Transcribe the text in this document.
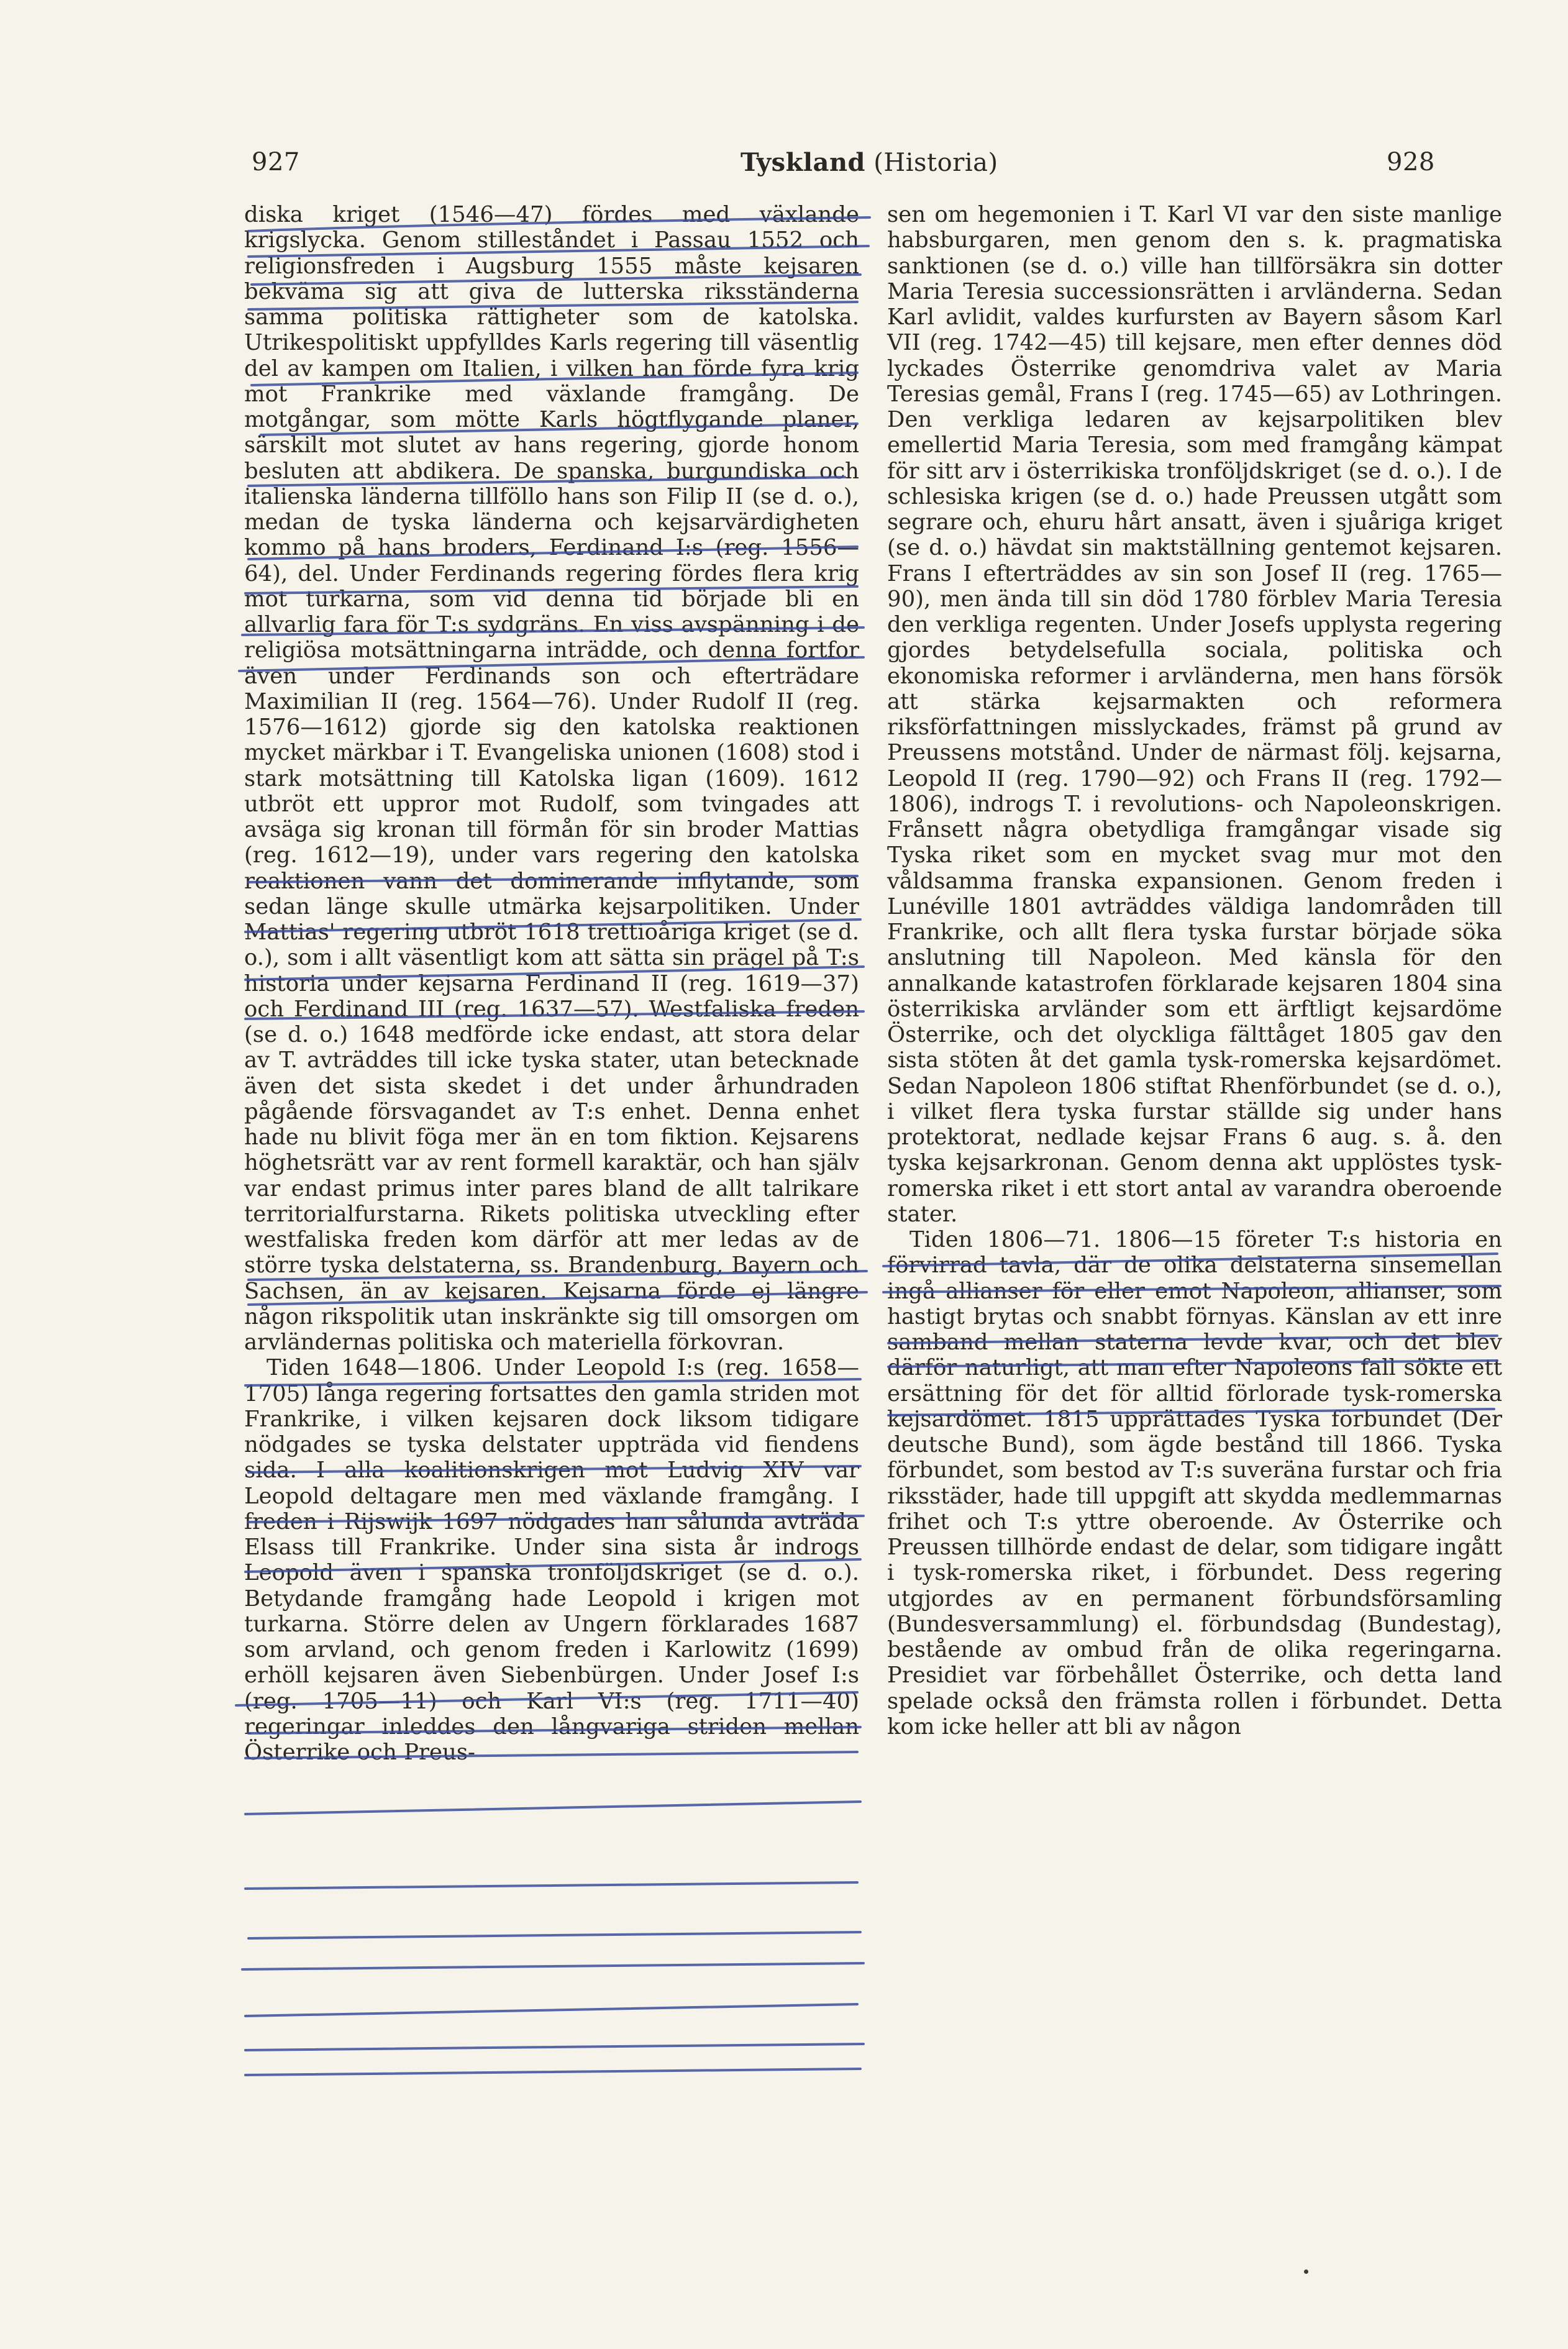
927	Tyskland (Historia)	928

diska kriget (1546—47) fördes med växlande krigslycka. Genom stilleståndet i Passau 1552 och religionsfreden i Augsburg 1555 måste kejsaren bekväma sig att giva de lutterska riksständerna samma politiska rättigheter som de katolska. Utrikespolitiskt uppfylldes Karls regering till väsentlig del av kampen om Italien, i vilken han förde fyra krig mot Frankrike med växlande framgång. De motgångar, som mötte Karls högtflygande planer, särskilt mot slutet av hans regering, gjorde honom besluten att abdikera. De spanska, burgundiska och italienska länderna tillföllo hans son Filip II (se d. o.), medan de tyska länderna och kejsarvärdigheten kommo på hans broders, Ferdinand I:s (reg. 1556—64), del. Under Ferdinands regering fördes flera krig mot turkarna, som vid denna tid började bli en allvarlig fara för T:s sydgräns. En viss avspänning i de religiösa motsättningarna inträdde, och denna fortfor även under Ferdinands son och efterträdare Maximilian II (reg. 1564—76). Under Rudolf II (reg. 1576—1612) gjorde sig den katolska reaktionen mycket märkbar i T. Evangeliska unionen (1608) stod i stark motsättning till Katolska ligan (1609). 1612 utbröt ett uppror mot Rudolf, som tvingades att avsäga sig kronan till förmån för sin broder Mattias (reg. 1612—19), under vars regering den katolska reaktionen vann det dominerande inflytande, som sedan länge skulle utmärka kejsarpolitiken. Under Mattias' regering utbröt 1618 trettioåriga kriget (se d. o.), som i allt väsentligt kom att sätta sin prägel på T:s historia under kejsarna Ferdinand II (reg. 1619—37) och Ferdinand III (reg. 1637—57). Westfaliska freden (se d. o.) 1648 medförde icke endast, att stora delar av T. avträddes till icke tyska stater, utan betecknade även det sista skedet i det under århundraden pågående försvagandet av T:s enhet. Denna enhet hade nu blivit föga mer än en tom fiktion. Kejsarens höghetsrätt var av rent formell karaktär, och han själv var endast primus inter pares bland de allt talrikare territorialfurstarna. Rikets politiska utveckling efter westfaliska freden kom därför att mer ledas av de större tyska delstaterna, ss. Brandenburg, Bayern och Sachsen, än av kejsaren. Kejsarna förde ej längre någon rikspolitik utan inskränkte sig till omsorgen om arvländernas politiska och materiella förkovran.

Tiden 1648—1806. Under Leopold I:s (reg. 1658—1705) långa regering fortsattes den gamla striden mot Frankrike, i vilken kejsaren dock liksom tidigare nödgades se tyska delstater uppträda vid fiendens sida. I alla koalitionskrigen mot Ludvig XIV var Leopold deltagare men med växlande framgång. I freden i Rijswijk 1697 nödgades han sålunda avträda Elsass till Frankrike. Under sina sista år indrogs Leopold även i spanska tronföljdskriget (se d. o.). Betydande framgång hade Leopold i krigen mot turkarna. Större delen av Ungern förklarades 1687 som arvland, och genom freden i Karlowitz (1699) erhöll kejsaren även Siebenbürgen. Under Josef I:s (reg. 1705—11) och Karl VI:s (reg. 1711—40) regeringar inleddes den långvariga striden mellan Österrike och Preus-

sen om hegemonien i T. Karl VI var den siste manlige habsburgaren, men genom den s. k. pragmatiska sanktionen (se d. o.) ville han tillförsäkra sin dotter Maria Teresia successionsrätten i arvländerna. Sedan Karl avlidit, valdes kurfursten av Bayern såsom Karl VII (reg. 1742—45) till kejsare, men efter dennes död lyckades Österrike genomdriva valet av Maria Teresias gemål, Frans I (reg. 1745—65) av Lothringen. Den verkliga ledaren av kejsarpolitiken blev emellertid Maria Teresia, som med framgång kämpat för sitt arv i österrikiska tronföljdskriget (se d. o.). I de schlesiska krigen (se d. o.) hade Preussen utgått som segrare och, ehuru hårt ansatt, även i sjuåriga kriget (se d. o.) hävdat sin maktställning gentemot kejsaren. Frans I efterträddes av sin son Josef II (reg. 1765—90), men ända till sin död 1780 förblev Maria Teresia den verkliga regenten. Under Josefs upplysta regering gjordes betydelsefulla sociala, politiska och ekonomiska reformer i arvländerna, men hans försök att stärka kejsarmakten och reformera riksförfattningen misslyckades, främst på grund av Preussens motstånd. Under de närmast följ. kejsarna, Leopold II (reg. 1790—92) och Frans II (reg. 1792—1806), indrogs T. i revolutions- och Napoleonskrigen. Frånsett några obetydliga framgångar visade sig Tyska riket som en mycket svag mur mot den våldsamma franska expansionen. Genom freden i Lunéville 1801 avträddes väldiga landområden till Frankrike, och allt flera tyska furstar började söka anslutning till Napoleon. Med känsla för den annalkande katastrofen förklarade kejsaren 1804 sina österrikiska arvländer som ett ärftligt kejsardöme Österrike, och det olyckliga fälttåget 1805 gav den sista stöten åt det gamla tysk-romerska kejsardömet. Sedan Napoleon 1806 stiftat Rhenförbundet (se d. o.), i vilket flera tyska furstar ställde sig under hans protektorat, nedlade kejsar Frans 6 aug. s. å. den tyska kejsarkronan. Genom denna akt upplöstes tysk-romerska riket i ett stort antal av varandra oberoende stater.

Tiden 1806—71. 1806—15 företer T:s historia en förvirrad tavla, där de olika delstaterna sinsemellan ingå allianser för eller emot Napoleon, allianser, som hastigt brytas och snabbt förnyas. Känslan av ett inre samband mellan staterna levde kvar, och det blev därför naturligt, att man efter Napoleons fall sökte ett ersättning för det för alltid förlorade tysk-romerska kejsardömet. 1815 upprättades Tyska förbundet (Der deutsche Bund), som ägde bestånd till 1866. Tyska förbundet, som bestod av T:s suveräna furstar och fria riksstäder, hade till uppgift att skydda medlemmarnas frihet och T:s yttre oberoende. Av Österrike och Preussen tillhörde endast de delar, som tidigare ingått i tysk-romerska riket, i förbundet. Dess regering utgjordes av en permanent förbundsförsamling (Bundesversammlung) el. förbundsdag (Bundestag), bestående av ombud från de olika regeringarna. Presidiet var förbehållet Österrike, och detta land spelade också den främsta rollen i förbundet. Detta kom icke heller att bli av någon
